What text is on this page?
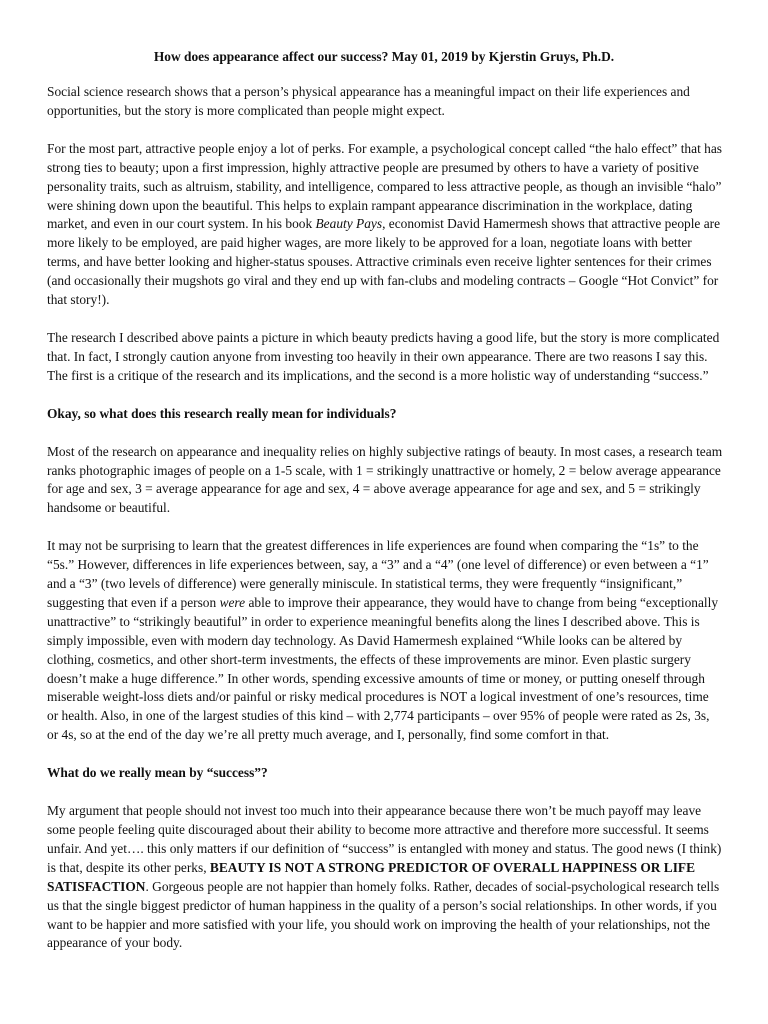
How does appearance affect our success? May 01, 2019 by Kjerstin Gruys, Ph.D.

Social science research shows that a person’s physical appearance has a meaningful impact on their life experiences and opportunities, but the story is more complicated than people might expect.

For the most part, attractive people enjoy a lot of perks. For example, a psychological concept called “the halo effect” that has strong ties to beauty; upon a first impression, highly attractive people are presumed by others to have a variety of positive personality traits, such as altruism, stability, and intelligence, compared to less attractive people, as though an invisible “halo” were shining down upon the beautiful. This helps to explain rampant appearance discrimination in the workplace, dating market, and even in our court system. In his book Beauty Pays, economist David Hamermesh shows that attractive people are more likely to be employed, are paid higher wages, are more likely to be approved for a loan, negotiate loans with better terms, and have better looking and higher-status spouses. Attractive criminals even receive lighter sentences for their crimes (and occasionally their mugshots go viral and they end up with fan-clubs and modeling contracts – Google “Hot Convict” for that story!).

The research I described above paints a picture in which beauty predicts having a good life, but the story is more complicated that. In fact, I strongly caution anyone from investing too heavily in their own appearance. There are two reasons I say this. The first is a critique of the research and its implications, and the second is a more holistic way of understanding “success.”

Okay, so what does this research really mean for individuals?

Most of the research on appearance and inequality relies on highly subjective ratings of beauty. In most cases, a research team ranks photographic images of people on a 1-5 scale, with 1 = strikingly unattractive or homely, 2 = below average appearance for age and sex, 3 = average appearance for age and sex, 4 = above average appearance for age and sex, and 5 = strikingly handsome or beautiful.

It may not be surprising to learn that the greatest differences in life experiences are found when comparing the “1s” to the “5s.” However, differences in life experiences between, say, a “3” and a “4” (one level of difference) or even between a “1” and a “3” (two levels of difference) were generally miniscule. In statistical terms, they were frequently “insignificant,” suggesting that even if a person were able to improve their appearance, they would have to change from being “exceptionally unattractive” to “strikingly beautiful” in order to experience meaningful benefits along the lines I described above. This is simply impossible, even with modern day technology. As David Hamermesh explained “While looks can be altered by clothing, cosmetics, and other short-term investments, the effects of these improvements are minor. Even plastic surgery doesn’t make a huge difference.” In other words, spending excessive amounts of time or money, or putting oneself through miserable weight-loss diets and/or painful or risky medical procedures is NOT a logical investment of one’s resources, time or health. Also, in one of the largest studies of this kind – with 2,774 participants – over 95% of people were rated as 2s, 3s, or 4s, so at the end of the day we’re all pretty much average, and I, personally, find some comfort in that.

What do we really mean by “success”?

My argument that people should not invest too much into their appearance because there won’t be much payoff may leave some people feeling quite discouraged about their ability to become more attractive and therefore more successful. It seems unfair. And yet…. this only matters if our definition of “success” is entangled with money and status. The good news (I think) is that, despite its other perks, BEAUTY IS NOT A STRONG PREDICTOR OF OVERALL HAPPINESS OR LIFE SATISFACTION. Gorgeous people are not happier than homely folks. Rather, decades of social-psychological research tells us that the single biggest predictor of human happiness in the quality of a person’s social relationships. In other words, if you want to be happier and more satisfied with your life, you should work on improving the health of your relationships, not the appearance of your body.
